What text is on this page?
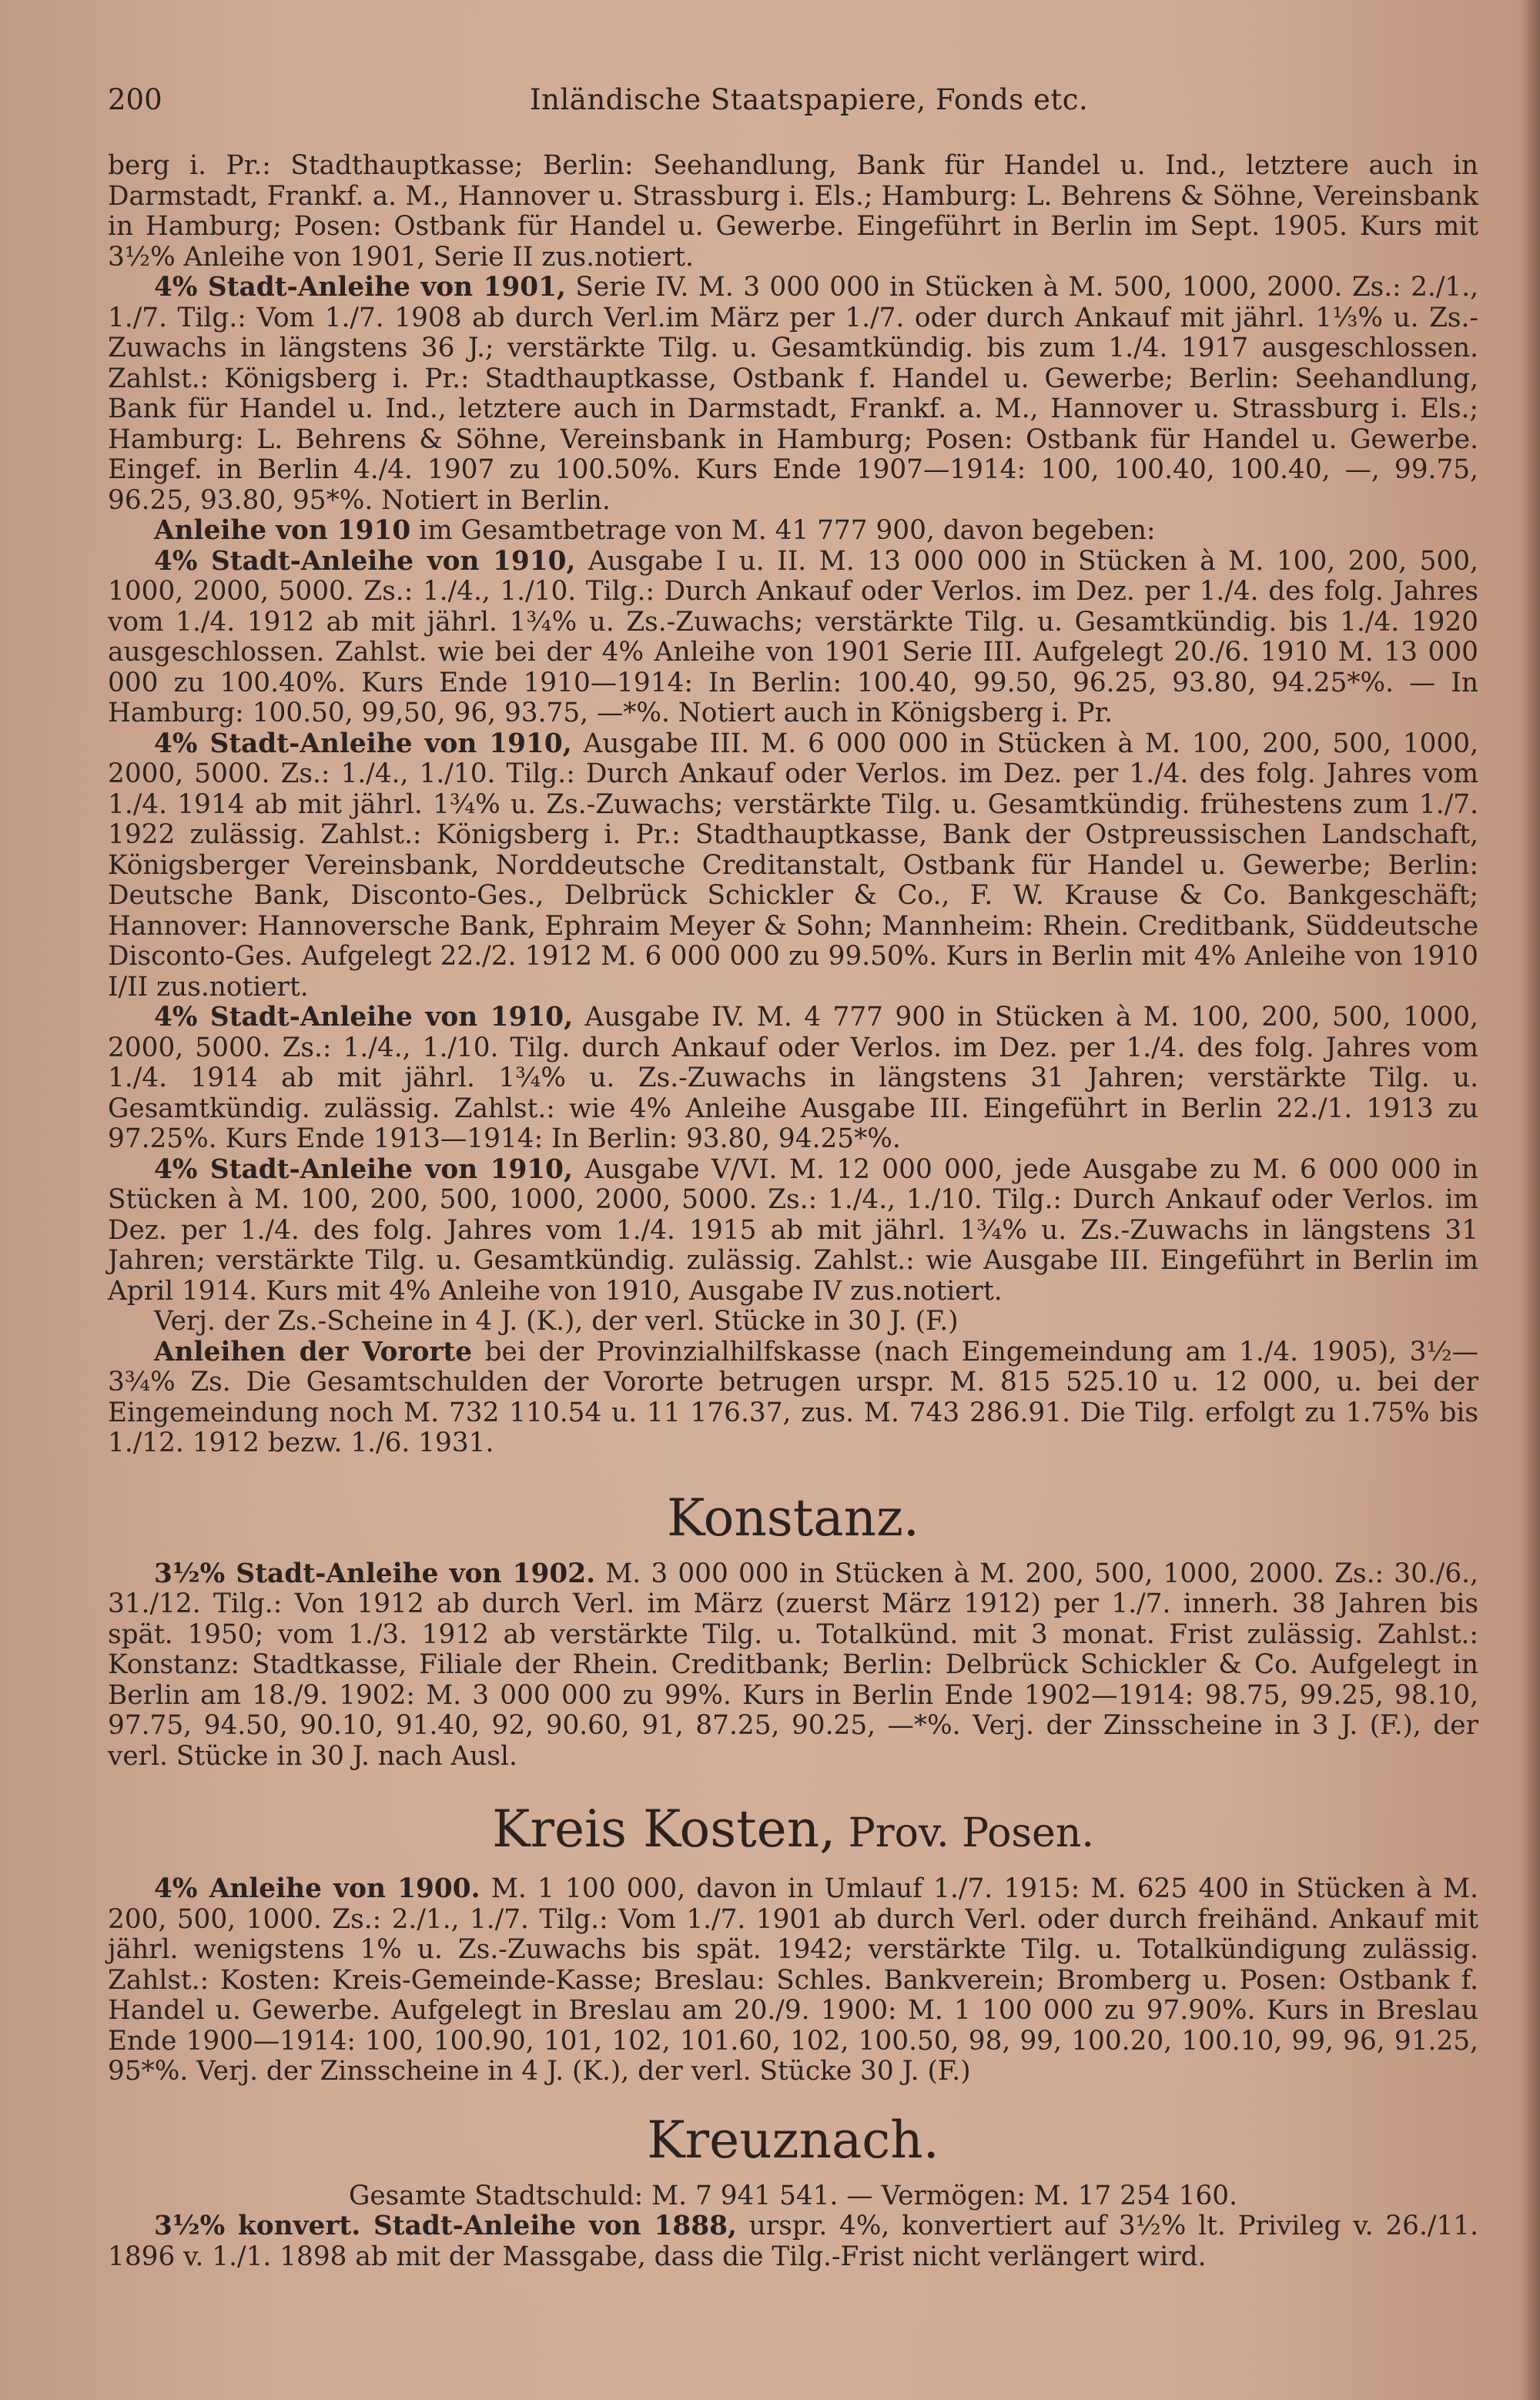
200	Inländische Staatspapiere, Fonds etc.

berg i. Pr.: Stadthauptkasse; Berlin: Seehandlung, Bank für Handel u. Ind., letztere auch in Darmstadt, Frankf. a. M., Hannover u. Strassburg i. Els.; Hamburg: L. Behrens & Söhne, Vereinsbank in Hamburg; Posen: Ostbank für Handel u. Gewerbe. Eingeführt in Berlin im Sept. 1905. Kurs mit 3½% Anleihe von 1901, Serie II zus.notiert.

4% Stadt-Anleihe von 1901, Serie IV. M. 3 000 000 in Stücken à M. 500, 1000, 2000. Zs.: 2./1., 1./7. Tilg.: Vom 1./7. 1908 ab durch Verl.im März per 1./7. oder durch Ankauf mit jährl. 1⅓% u. Zs.-Zuwachs in längstens 36 J.; verstärkte Tilg. u. Gesamtkündig. bis zum 1./4. 1917 ausgeschlossen. Zahlst.: Königsberg i. Pr.: Stadthauptkasse, Ostbank f. Handel u. Gewerbe; Berlin: Seehandlung, Bank für Handel u. Ind., letztere auch in Darmstadt, Frankf. a. M., Hannover u. Strassburg i. Els.; Hamburg: L. Behrens & Söhne, Vereinsbank in Hamburg; Posen: Ostbank für Handel u. Gewerbe. Eingef. in Berlin 4./4. 1907 zu 100.50%. Kurs Ende 1907—1914: 100, 100.40, 100.40, —, 99.75, 96.25, 93.80, 95*%. Notiert in Berlin.

Anleihe von 1910 im Gesamtbetrage von M. 41 777 900, davon begeben:

4% Stadt-Anleihe von 1910, Ausgabe I u. II. M. 13 000 000 in Stücken à M. 100, 200, 500, 1000, 2000, 5000. Zs.: 1./4., 1./10. Tilg.: Durch Ankauf oder Verlos. im Dez. per 1./4. des folg. Jahres vom 1./4. 1912 ab mit jährl. 1¾% u. Zs.-Zuwachs; verstärkte Tilg. u. Gesamtkündig. bis 1./4. 1920 ausgeschlossen. Zahlst. wie bei der 4% Anleihe von 1901 Serie III. Aufgelegt 20./6. 1910 M. 13 000 000 zu 100.40%. Kurs Ende 1910—1914: In Berlin: 100.40, 99.50, 96.25, 93.80, 94.25*%. — In Hamburg: 100.50, 99,50, 96, 93.75, —*%. Notiert auch in Königsberg i. Pr.

4% Stadt-Anleihe von 1910, Ausgabe III. M. 6 000 000 in Stücken à M. 100, 200, 500, 1000, 2000, 5000. Zs.: 1./4., 1./10. Tilg.: Durch Ankauf oder Verlos. im Dez. per 1./4. des folg. Jahres vom 1./4. 1914 ab mit jährl. 1¾% u. Zs.-Zuwachs; verstärkte Tilg. u. Gesamtkündig. frühestens zum 1./7. 1922 zulässig. Zahlst.: Königsberg i. Pr.: Stadthauptkasse, Bank der Ostpreussischen Landschaft, Königsberger Vereinsbank, Norddeutsche Creditanstalt, Ostbank für Handel u. Gewerbe; Berlin: Deutsche Bank, Disconto-Ges., Delbrück Schickler & Co., F. W. Krause & Co. Bankgeschäft; Hannover: Hannoversche Bank, Ephraim Meyer & Sohn; Mannheim: Rhein. Creditbank, Süddeutsche Disconto-Ges. Aufgelegt 22./2. 1912 M. 6 000 000 zu 99.50%. Kurs in Berlin mit 4% Anleihe von 1910 I/II zus.notiert.

4% Stadt-Anleihe von 1910, Ausgabe IV. M. 4 777 900 in Stücken à M. 100, 200, 500, 1000, 2000, 5000. Zs.: 1./4., 1./10. Tilg. durch Ankauf oder Verlos. im Dez. per 1./4. des folg. Jahres vom 1./4. 1914 ab mit jährl. 1¾% u. Zs.-Zuwachs in längstens 31 Jahren; verstärkte Tilg. u. Gesamtkündig. zulässig. Zahlst.: wie 4% Anleihe Ausgabe III. Eingeführt in Berlin 22./1. 1913 zu 97.25%. Kurs Ende 1913—1914: In Berlin: 93.80, 94.25*%.

4% Stadt-Anleihe von 1910, Ausgabe V/VI. M. 12 000 000, jede Ausgabe zu M. 6 000 000 in Stücken à M. 100, 200, 500, 1000, 2000, 5000. Zs.: 1./4., 1./10. Tilg.: Durch Ankauf oder Verlos. im Dez. per 1./4. des folg. Jahres vom 1./4. 1915 ab mit jährl. 1¾% u. Zs.-Zuwachs in längstens 31 Jahren; verstärkte Tilg. u. Gesamtkündig. zulässig. Zahlst.: wie Ausgabe III. Eingeführt in Berlin im April 1914. Kurs mit 4% Anleihe von 1910, Ausgabe IV zus.notiert.

Verj. der Zs.-Scheine in 4 J. (K.), der verl. Stücke in 30 J. (F.)

Anleihen der Vororte bei der Provinzialhilfskasse (nach Eingemeindung am 1./4. 1905), 3½—3¾% Zs. Die Gesamtschulden der Vororte betrugen urspr. M. 815 525.10 u. 12 000, u. bei der Eingemeindung noch M. 732 110.54 u. 11 176.37, zus. M. 743 286.91. Die Tilg. erfolgt zu 1.75% bis 1./12. 1912 bezw. 1./6. 1931.

Konstanz.

3½% Stadt-Anleihe von 1902. M. 3 000 000 in Stücken à M. 200, 500, 1000, 2000. Zs.: 30./6., 31./12. Tilg.: Von 1912 ab durch Verl. im März (zuerst März 1912) per 1./7. innerh. 38 Jahren bis spät. 1950; vom 1./3. 1912 ab verstärkte Tilg. u. Totalkünd. mit 3 monat. Frist zulässig. Zahlst.: Konstanz: Stadtkasse, Filiale der Rhein. Creditbank; Berlin: Delbrück Schickler & Co. Aufgelegt in Berlin am 18./9. 1902: M. 3 000 000 zu 99%. Kurs in Berlin Ende 1902—1914: 98.75, 99.25, 98.10, 97.75, 94.50, 90.10, 91.40, 92, 90.60, 91, 87.25, 90.25, —*%. Verj. der Zinsscheine in 3 J. (F.), der verl. Stücke in 30 J. nach Ausl.

Kreis Kosten, Prov. Posen.

4% Anleihe von 1900. M. 1 100 000, davon in Umlauf 1./7. 1915: M. 625 400 in Stücken à M. 200, 500, 1000. Zs.: 2./1., 1./7. Tilg.: Vom 1./7. 1901 ab durch Verl. oder durch freihänd. Ankauf mit jährl. wenigstens 1% u. Zs.-Zuwachs bis spät. 1942; verstärkte Tilg. u. Totalkündigung zulässig. Zahlst.: Kosten: Kreis-Gemeinde-Kasse; Breslau: Schles. Bankverein; Bromberg u. Posen: Ostbank f. Handel u. Gewerbe. Aufgelegt in Breslau am 20./9. 1900: M. 1 100 000 zu 97.90%. Kurs in Breslau Ende 1900—1914: 100, 100.90, 101, 102, 101.60, 102, 100.50, 98, 99, 100.20, 100.10, 99, 96, 91.25, 95*%. Verj. der Zinsscheine in 4 J. (K.), der verl. Stücke 30 J. (F.)

Kreuznach.

Gesamte Stadtschuld: M. 7 941 541. — Vermögen: M. 17 254 160.

3½% konvert. Stadt-Anleihe von 1888, urspr. 4%, konvertiert auf 3½% lt. Privileg v. 26./11. 1896 v. 1./1. 1898 ab mit der Massgabe, dass die Tilg.-Frist nicht verlängert wird.
